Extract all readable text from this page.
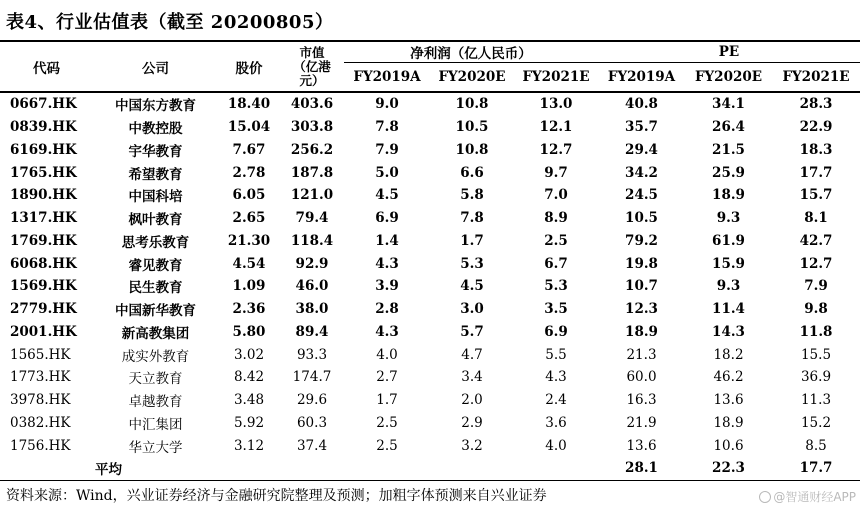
表4、行业估值表（截至 20200805）
代码	公司	股价	市值
（亿港
元）	净利润（亿人民币）			PE		
				FY2019A	FY2020E	FY2021E	FY2019A	FY2020E	FY2021E
0667.HK	中国东方教育	18.40	403.6	9.0	10.8	13.0	40.8	34.1	28.3
0839.HK	中教控股	15.04	303.8	7.8	10.5	12.1	35.7	26.4	22.9
6169.HK	宇华教育	7.67	256.2	7.9	10.8	12.7	29.4	21.5	18.3
1765.HK	希望教育	2.78	187.8	5.0	6.6	9.7	34.2	25.9	17.7
1890.HK	中国科培	6.05	121.0	4.5	5.8	7.0	24.5	18.9	15.7
1317.HK	枫叶教育	2.65	79.4	6.9	7.8	8.9	10.5	9.3	8.1
1769.HK	思考乐教育	21.30	118.4	1.4	1.7	2.5	79.2	61.9	42.7
6068.HK	睿见教育	4.54	92.9	4.3	5.3	6.7	19.8	15.9	12.7
1569.HK	民生教育	1.09	46.0	3.9	4.5	5.3	10.7	9.3	7.9
2779.HK	中国新华教育	2.36	38.0	2.8	3.0	3.5	12.3	11.4	9.8
2001.HK	新高教集团	5.80	89.4	4.3	5.7	6.9	18.9	14.3	11.8
1565.HK	成实外教育	3.02	93.3	4.0	4.7	5.5	21.3	18.2	15.5
1773.HK	天立教育	8.42	174.7	2.7	3.4	4.3	60.0	46.2	36.9
3978.HK	卓越教育	3.48	29.6	1.7	2.0	2.4	16.3	13.6	11.3
0382.HK	中汇集团	5.92	60.3	2.5	2.9	3.6	21.9	18.9	15.2
1756.HK	华立大学	3.12	37.4	2.5	3.2	4.0	13.6	10.6	8.5
平均							28.1	22.3	17.7
资料来源：Wind，兴业证券经济与金融研究院整理及预测；加粗字体预测来自兴业证券	@智通财经APP
